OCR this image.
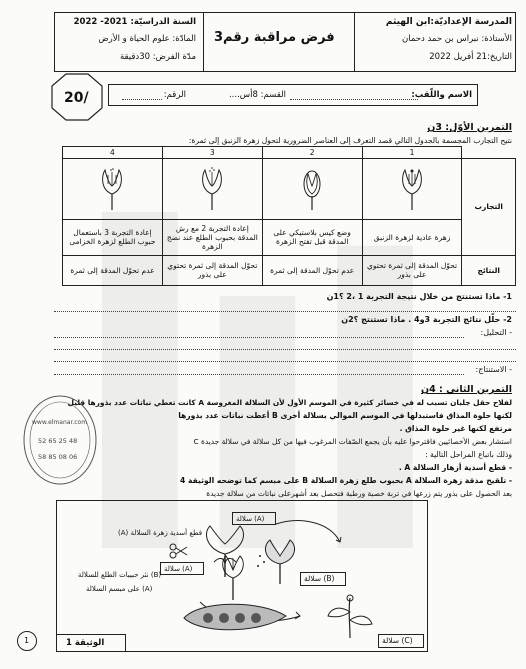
المدرسة الإعداديّة:ابن الهيثم
الأستاذة: نبراس بن حمد دحمان
التاريخ:21 أفريل 2022
فرض مراقبة رقم3
السنة الدراسيّة: 2021- 2022
المادّة: علوم الحياة و الأرض
مدّة الفرض: 30دقيقة
20/	الاسم واللّقب:
القسم: 8أس....
الرقم:
التمرين الأوّل: 3ن
نتيح التجارب المجسمة بالجدول التالي قصد التعرف إلى العناصر الضرورية لتحول زهرة الزنبق إلى ثمرة:
	1	2	3	4
التجارب	

	زهرة عادية لزهرة الزنبق	وضع كيس بلاستيكي على المدقة قبل تفتح الزهرة	إعادة التجربة 2 مع رش المدقة بحبوب الطلع عند نضج الزهرة	إعادة التجربة 3 باستعمال حبوب الطلع لزهرة الخزامى
النتائج	تحوّل المدقة إلى ثمرة تحتوي على بذور	عدم تحوّل المدقة إلى ثمرة	تحوّل المدقة إلى ثمرة تحتوي على بذور	عدم تحوّل المدقة إلى ثمرة
1- ماذا تستنتج من خلال نتيجة التجربة 1 ،2 ؟1ن
2- حلّل نتائج التجربة 3و4 . ماذا تستنتج ؟2ن
- التحليل:
- الاستنتاج:
التمرين الثاني : 4ن
لفلاح حقل جلبان تسبب له في خسائر كثيرة في الموسم الأول لأن السلالة المغروسة A كانت تعطي نباتات عدد بذورها قليل
لكنها حلوة المذاق فاستبدلها في الموسم الموالي بسلالة أخرى B أعطت نباتات عدد بذورها
مرتفع لكنها غير حلوة المذاق .
استشار بعض الأخصائيين فاقترحوا عليه بأن يجمع الصّفات المرغوب فيها من كل سلالة في سلالة جديدة C
وذلك باتباع المراحل التالية :
- قطع أسدية أزهار السلالة A .
- تلقيح مدقة زهرة السلالة A بحبوب طلع زهرة السلالة B على مبسم كما توضحه الوثيقة 4
بعد الحصول على بذور يتم زرعها في تربة خصبة ورطبة فتحصل بعد أشهرعلى نباتات من سلالة جديدة
www.elmanar.com
52 65 25 48
58 85 08 06
سلالة (A)
قطع أسدية زهرة السلالة (A)
سلالة (A)
نثر حبيبات الطلع للسلالة (B)
على مبسم السلالة (A)
سلالة (B)
سلالة (C)
الوثيقة 1
1
